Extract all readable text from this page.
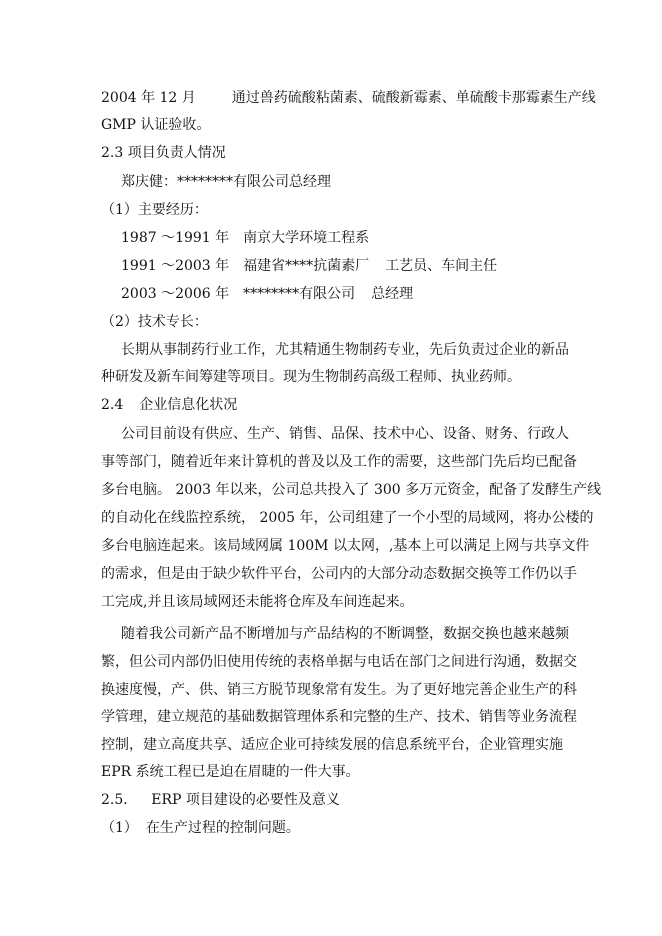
2004 年 12 月	通过兽药硫酸粘菌素、硫酸新霉素、单硫酸卡那霉素生产线
GMP 认证验收。
2.3 项目负责人情况
郑庆健：********有限公司总经理
（1）主要经历：
1987 ～1991 年 南京大学环境工程系
1991 ～2003 年 福建省****抗菌素厂 工艺员、车间主任
2003 ～2006 年 ********有限公司 总经理
（2）技术专长：
长期从事制药行业工作，尤其精通生物制药专业，先后负责过企业的新品
种研发及新车间筹建等项目。现为生物制药高级工程师、执业药师。
2.4 企业信息化状况
公司目前设有供应、生产、销售、品保、技术中心、设备、财务、行政人
事等部门，随着近年来计算机的普及以及工作的需要，这些部门先后均已配备
多台电脑。 2003 年以来，公司总共投入了 300 多万元资金，配备了发酵生产线
的自动化在线监控系统， 2005 年，公司组建了一个小型的局域网，将办公楼的
多台电脑连起来。该局域网属 100M 以太网，,基本上可以满足上网与共享文件
的需求，但是由于缺少软件平台，公司内的大部分动态数据交换等工作仍以手
工完成,并且该局域网还未能将仓库及车间连起来。
随着我公司新产品不断增加与产品结构的不断调整，数据交换也越来越频
繁，但公司内部仍旧使用传统的表格单据与电话在部门之间进行沟通，数据交
换速度慢，产、供、销三方脱节现象常有发生。为了更好地完善企业生产的科
学管理，建立规范的基础数据管理体系和完整的生产、技术、销售等业务流程
控制，建立高度共享、适应企业可持续发展的信息系统平台，企业管理实施
EPR 系统工程已是迫在眉睫的一件大事。
2.5． ERP 项目建设的必要性及意义
（1） 在生产过程的控制问题。
